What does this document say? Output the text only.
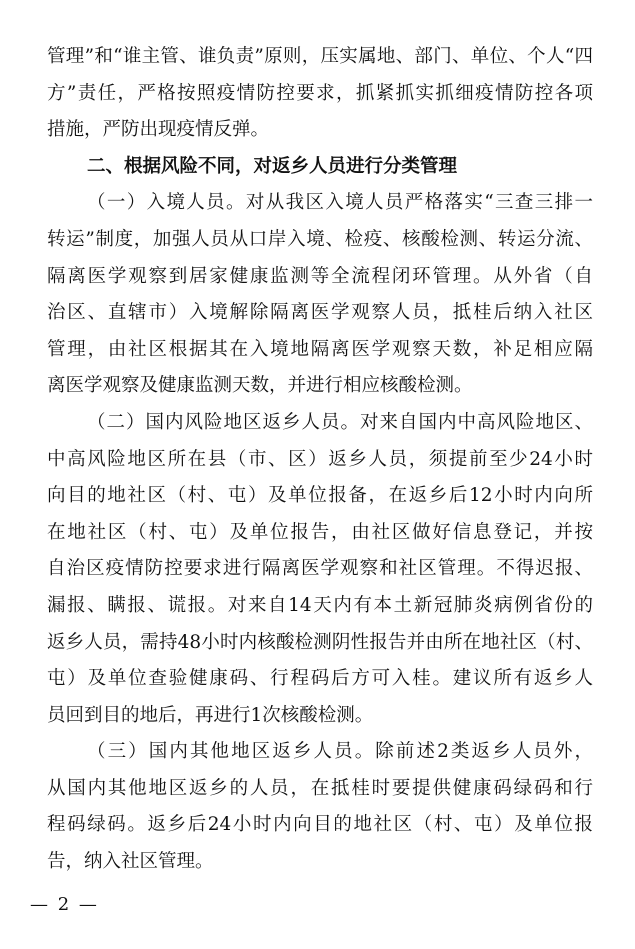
管理”和“谁主管、谁负责”原则，压实属地、部门、单位、个人“四
方”责任，严格按照疫情防控要求，抓紧抓实抓细疫情防控各项
措施，严防出现疫情反弹。
二、根据风险不同，对返乡人员进行分类管理
（一）入境人员。对从我区入境人员严格落实“三查三排一
转运”制度，加强人员从口岸入境、检疫、核酸检测、转运分流、
隔离医学观察到居家健康监测等全流程闭环管理。从外省（自
治区、直辖市）入境解除隔离医学观察人员，抵桂后纳入社区
管理，由社区根据其在入境地隔离医学观察天数，补足相应隔
离医学观察及健康监测天数，并进行相应核酸检测。
（二）国内风险地区返乡人员。对来自国内中高风险地区、
中高风险地区所在县（市、区）返乡人员，须提前至少24小时
向目的地社区（村、屯）及单位报备，在返乡后12小时内向所
在地社区（村、屯）及单位报告，由社区做好信息登记，并按
自治区疫情防控要求进行隔离医学观察和社区管理。不得迟报、
漏报、瞒报、谎报。对来自14天内有本土新冠肺炎病例省份的
返乡人员，需持48小时内核酸检测阴性报告并由所在地社区（村、
屯）及单位查验健康码、行程码后方可入桂。建议所有返乡人
员回到目的地后，再进行1次核酸检测。
（三）国内其他地区返乡人员。除前述2类返乡人员外，
从国内其他地区返乡的人员，在抵桂时要提供健康码绿码和行
程码绿码。返乡后24小时内向目的地社区（村、屯）及单位报
告，纳入社区管理。
— 2 —
